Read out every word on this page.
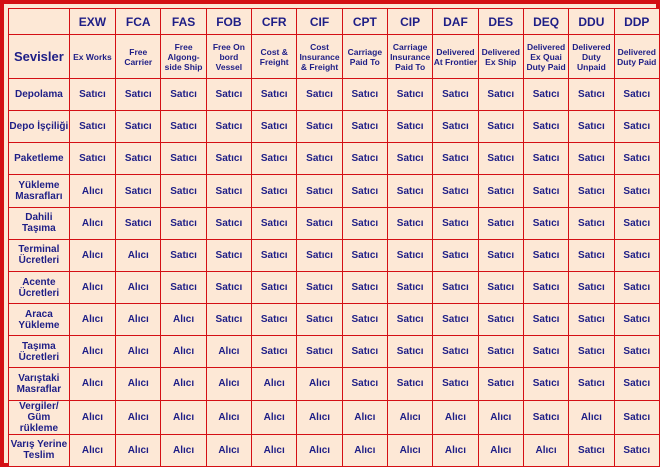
	EXW	FCA	FAS	FOB	CFR	CIF	CPT	CIP	DAF	DES	DEQ	DDU	DDP
Sevisler	Ex Works	Free Carrier	Free Algong-side Ship	Free On bord Vessel	Cost & Freight	Cost Insurance & Freight	Carriage Paid To	Carriage Insurance Paid To	Delivered At Frontier	Delivered Ex Ship	Delivered Ex Quai Duty Paid	Delivered Duty Unpaid	Delivered Duty Paid
Depolama	Satıcı	Satıcı	Satıcı	Satıcı	Satıcı	Satıcı	Satıcı	Satıcı	Satıcı	Satıcı	Satıcı	Satıcı	Satıcı
Depo İşçiliği	Satıcı	Satıcı	Satıcı	Satıcı	Satıcı	Satıcı	Satıcı	Satıcı	Satıcı	Satıcı	Satıcı	Satıcı	Satıcı
Paketleme	Satıcı	Satıcı	Satıcı	Satıcı	Satıcı	Satıcı	Satıcı	Satıcı	Satıcı	Satıcı	Satıcı	Satıcı	Satıcı
Yükleme Masrafları	Alıcı	Satıcı	Satıcı	Satıcı	Satıcı	Satıcı	Satıcı	Satıcı	Satıcı	Satıcı	Satıcı	Satıcı	Satıcı
Dahili Taşıma	Alıcı	Satıcı	Satıcı	Satıcı	Satıcı	Satıcı	Satıcı	Satıcı	Satıcı	Satıcı	Satıcı	Satıcı	Satıcı
Terminal Ücretleri	Alıcı	Alıcı	Satıcı	Satıcı	Satıcı	Satıcı	Satıcı	Satıcı	Satıcı	Satıcı	Satıcı	Satıcı	Satıcı
Acente Ücretleri	Alıcı	Alıcı	Satıcı	Satıcı	Satıcı	Satıcı	Satıcı	Satıcı	Satıcı	Satıcı	Satıcı	Satıcı	Satıcı
Araca Yükleme	Alıcı	Alıcı	Alıcı	Satıcı	Satıcı	Satıcı	Satıcı	Satıcı	Satıcı	Satıcı	Satıcı	Satıcı	Satıcı
Taşıma Ücretleri	Alıcı	Alıcı	Alıcı	Alıcı	Satıcı	Satıcı	Satıcı	Satıcı	Satıcı	Satıcı	Satıcı	Satıcı	Satıcı
Varıştaki Masraflar	Alıcı	Alıcı	Alıcı	Alıcı	Alıcı	Alıcı	Satıcı	Satıcı	Satıcı	Satıcı	Satıcı	Satıcı	Satıcı
Vergiler/ Güm rükleme	Alıcı	Alıcı	Alıcı	Alıcı	Alıcı	Alıcı	Alıcı	Alıcı	Alıcı	Alıcı	Satıcı	Alıcı	Satıcı
Varış Yerine Teslim	Alıcı	Alıcı	Alıcı	Alıcı	Alıcı	Alıcı	Alıcı	Alıcı	Alıcı	Alıcı	Alıcı	Satıcı	Satıcı
